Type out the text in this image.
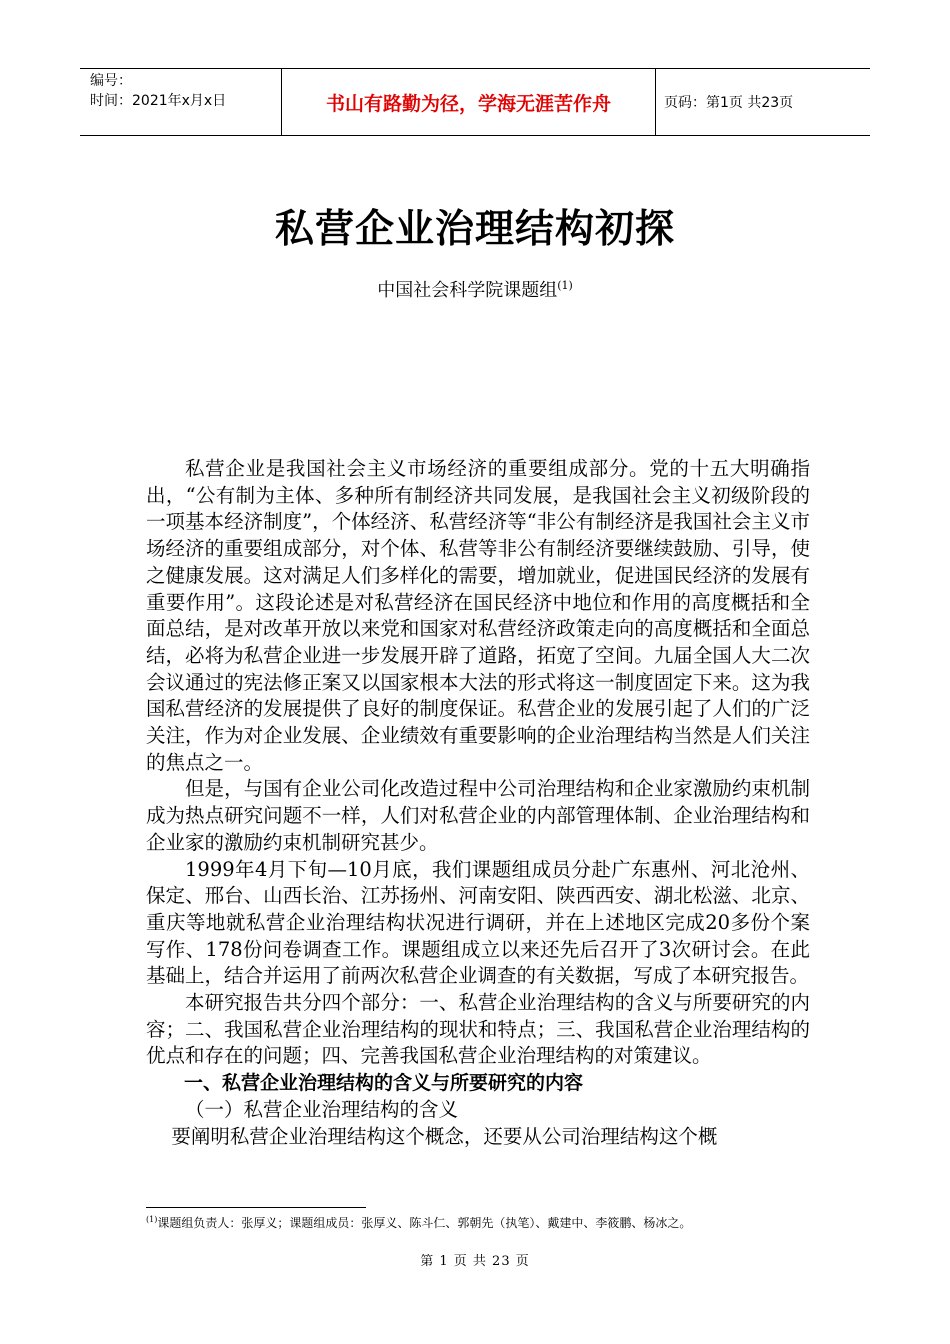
编号：
时间：2021年x月x日	书山有路勤为径，学海无涯苦作舟	页码：第1页 共23页
私营企业治理结构初探
中国社会科学院课题组$^{(1)}$

私营企业是我国社会主义市场经济的重要组成部分。党的十五大明确指出，“公有制为主体、多种所有制经济共同发展，是我国社会主义初级阶段的一项基本经济制度”，个体经济、私营经济等“非公有制经济是我国社会主义市场经济的重要组成部分，对个体、私营等非公有制经济要继续鼓励、引导，使之健康发展。这对满足人们多样化的需要，增加就业，促进国民经济的发展有重要作用”。这段论述是对私营经济在国民经济中地位和作用的高度概括和全面总结，是对改革开放以来党和国家对私营经济政策走向的高度概括和全面总结，必将为私营企业进一步发展开辟了道路，拓宽了空间。九届全国人大二次会议通过的宪法修正案又以国家根本大法的形式将这一制度固定下来。这为我国私营经济的发展提供了良好的制度保证。私营企业的发展引起了人们的广泛关注，作为对企业发展、企业绩效有重要影响的企业治理结构当然是人们关注的焦点之一。

但是，与国有企业公司化改造过程中公司治理结构和企业家激励约束机制成为热点研究问题不一样，人们对私营企业的内部管理体制、企业治理结构和企业家的激励约束机制研究甚少。

1999年4月下旬—10月底，我们课题组成员分赴广东惠州、河北沧州、保定、邢台、山西长治、江苏扬州、河南安阳、陕西西安、湖北松滋、北京、重庆等地就私营企业治理结构状况进行调研，并在上述地区完成20多份个案写作、178份问卷调查工作。课题组成立以来还先后召开了3次研讨会。在此基础上，结合并运用了前两次私营企业调查的有关数据，写成了本研究报告。

本研究报告共分四个部分：一、私营企业治理结构的含义与所要研究的内容；二、我国私营企业治理结构的现状和特点；三、我国私营企业治理结构的优点和存在的问题；四、完善我国私营企业治理结构的对策建议。

一、私营企业治理结构的含义与所要研究的内容

（一）私营企业治理结构的含义

要阐明私营企业治理结构这个概念，还要从公司治理结构这个概

$^{(1)}$课题组负责人：张厚义；课题组成员：张厚义、陈斗仁、郭朝先（执笔）、戴建中、李筱鹏、杨冰之。
第 1 页 共 23 页
